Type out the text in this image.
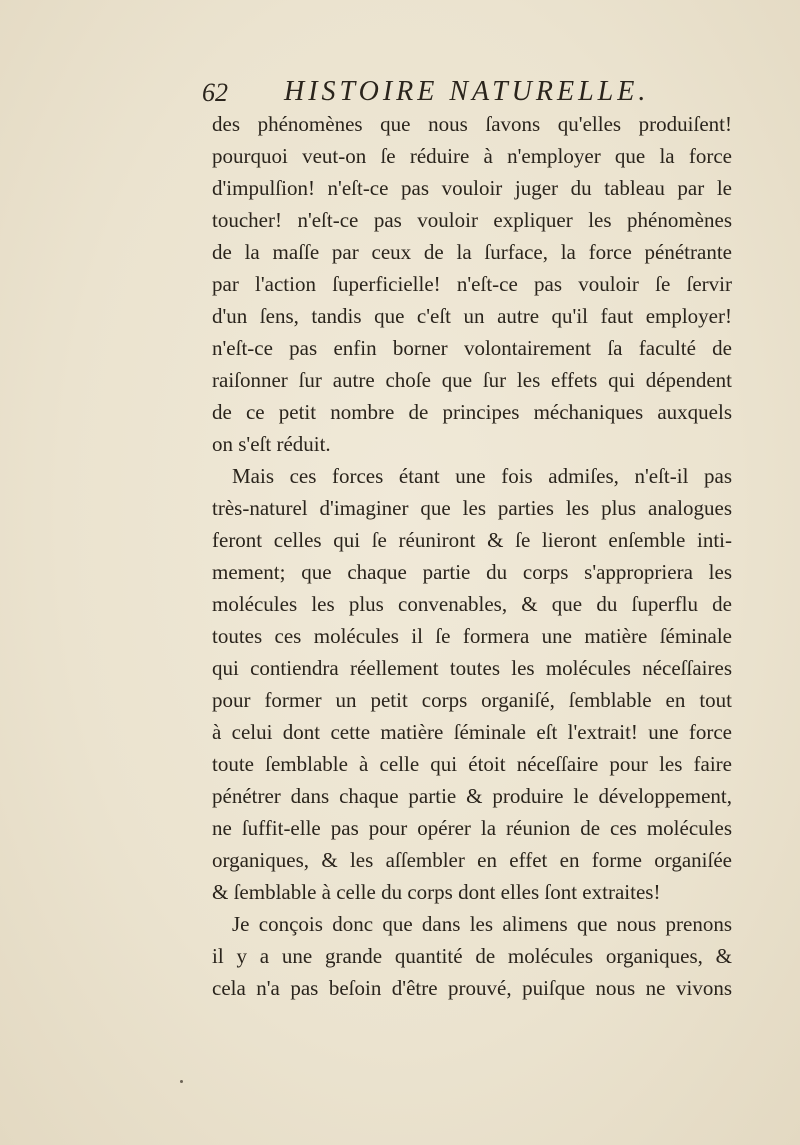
62 HISTOIRE NATURELLE.
des phénomènes que nous ſavons qu'elles produiſent!
pourquoi veut-on ſe réduire à n'employer que la force
d'impulſion! n'eſt-ce pas vouloir juger du tableau par le
toucher! n'eſt-ce pas vouloir expliquer les phénomènes
de la maſſe par ceux de la ſurface, la force pénétrante
par l'action ſuperficielle! n'eſt-ce pas vouloir ſe ſervir
d'un ſens, tandis que c'eſt un autre qu'il faut employer!
n'eſt-ce pas enfin borner volontairement ſa faculté de
raiſonner ſur autre choſe que ſur les effets qui dépendent
de ce petit nombre de principes méchaniques auxquels
on s'eſt réduit.
Mais ces forces étant une fois admiſes, n'eſt-il pas
très-naturel d'imaginer que les parties les plus analogues
feront celles qui ſe réuniront & ſe lieront enſemble inti-
mement; que chaque partie du corps s'appropriera les
molécules les plus convenables, & que du ſuperflu de
toutes ces molécules il ſe formera une matière ſéminale
qui contiendra réellement toutes les molécules néceſſaires
pour former un petit corps organiſé, ſemblable en tout
à celui dont cette matière ſéminale eſt l'extrait! une force
toute ſemblable à celle qui étoit néceſſaire pour les faire
pénétrer dans chaque partie & produire le développement,
ne ſuffit-elle pas pour opérer la réunion de ces molécules
organiques, & les aſſembler en effet en forme organiſée
& ſemblable à celle du corps dont elles ſont extraites!
Je conçois donc que dans les alimens que nous prenons
il y a une grande quantité de molécules organiques, &
cela n'a pas beſoin d'être prouvé, puiſque nous ne vivons
